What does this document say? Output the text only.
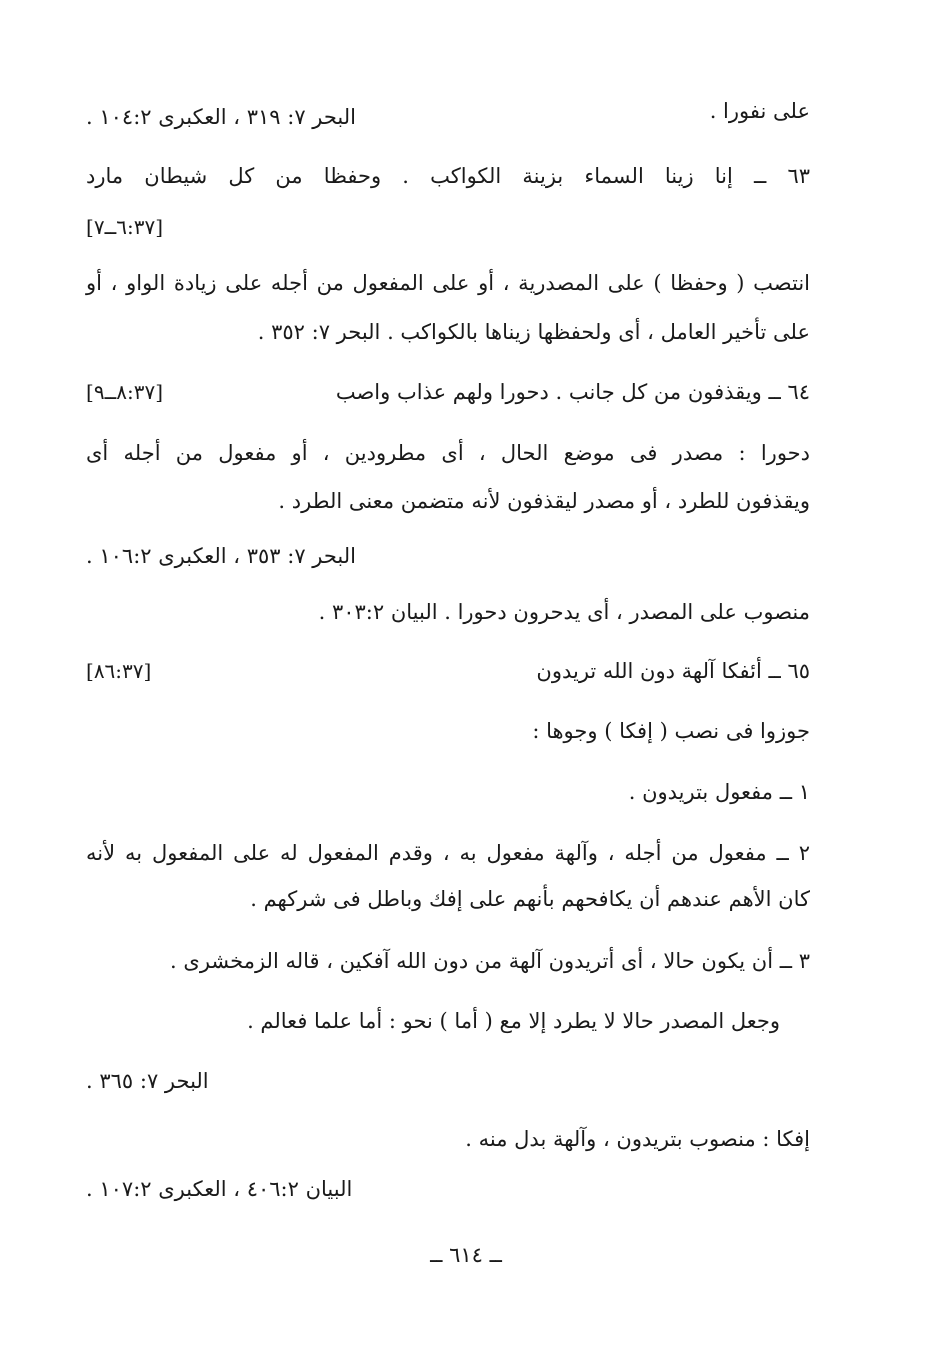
على نفورا .
البحر ٧: ٣١٩ ، العكبرى ١٠٤:٢ .
٦٣ ــ إنا زينا السماء بزينة الكواكب . وحفظا من كل شيطان مارد
[٦:٣٧ــ٧]
انتصب ( وحفظا ) على المصدرية ، أو على المفعول من أجله على زيادة الواو ، أو
على تأخير العامل ، أى ولحفظها زيناها بالكواكب . البحر ٧: ٣٥٢ .
٦٤ ــ ويقذفون من كل جانب . دحورا ولهم عذاب واصب
[٨:٣٧ــ٩]
دحورا : مصدر فى موضع الحال ، أى مطرودين ، أو مفعول من أجله أى
ويقذفون للطرد ، أو مصدر ليقذفون لأنه متضمن معنى الطرد .
البحر ٧: ٣٥٣ ، العكبرى ١٠٦:٢ .
منصوب على المصدر ، أى يدحرون دحورا . البيان ٣٠٣:٢ .
٦٥ ــ أئفكا آلهة دون الله تريدون
[٨٦:٣٧]
جوزوا فى نصب ( إفكا ) وجوها :
١ ــ مفعول بتريدون .
٢ ــ مفعول من أجله ، وآلهة مفعول به ، وقدم المفعول له على المفعول به لأنه
كان الأهم عندهم أن يكافحهم بأنهم على إفك وباطل فى شركهم .
٣ ــ أن يكون حالا ، أى أتريدون آلهة من دون الله آفكين ، قاله الزمخشرى .
وجعل المصدر حالا لا يطرد إلا مع ( أما ) نحو : أما علما فعالم .
البحر ٧: ٣٦٥ .
إفكا : منصوب بتريدون ، وآلهة بدل منه .
البيان ٤٠٦:٢ ، العكبرى ١٠٧:٢ .
ــ ٦١٤ ــ
